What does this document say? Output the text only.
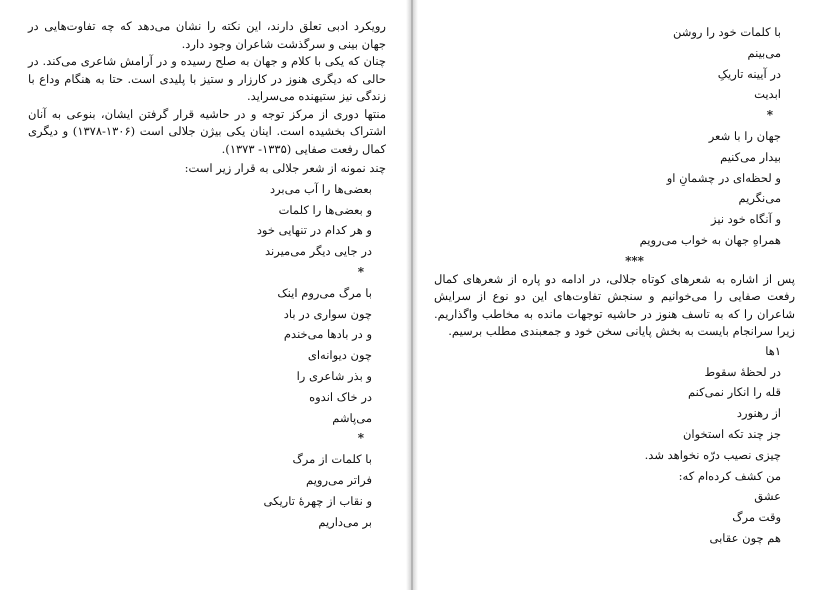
رویکرد ادبی تعلق دارند، این نکته را نشان می‌دهد که چه تفاوت‌هایی در جهان بینی و سرگذشت شاعران وجود دارد.

چنان که یکی با کلام و جهان به صلح رسیده و در آرامش شاعری می‌کند. در حالی که دیگری هنوز در کارزار و ستیز با پلیدی است. حتا به هنگام وداع با زندگی نیز ستیهنده می‌سراید.

منتها دوری از مرکز توجه و در حاشیه قرار گرفتن ایشان، بنوعی به آنان اشتراک بخشیده است. اینان یکی بیژن جلالی است (۱۳۰۶-۱۳۷۸) و دیگری کمال رفعت صفایی (۱۳۳۵- ۱۳۷۳).

چند نمونه از شعر جلالی به قرار زیر است:
بعضی‌ها را آب می‌برد
و بعضی‌ها را کلمات
و هر کدام در تنهایی خود
در جایی دیگر می‌میرند
*
با مرگ می‌روم اینک
چون سواری در باد
و در بادها می‌خندم
چون دیوانه‌ای
و بذر شاعری را
در خاک اندوه
می‌پاشم
*
با کلمات از مرگ
فراتر می‌رویم
و نقاب از چهرهٔ تاریکی
بر می‌داریم
با کلمات خود را روشن
می‌بینم
در آیینه تاریکِ
ابدیت
*
جهان را با شعر
بیدار می‌کنیم
و لحظه‌ای در چشمانِ او
می‌نگریم
و آنگاه خود نیز
همراهِ جهان به خواب می‌رویم
***

پس از اشاره به شعرهای کوتاه جلالی، در ادامه دو پاره از شعرهای کمال رفعت صفایی را می‌خوانیم و سنجش تفاوت‌های این دو نوع از سرایش شاعران را که به تاسف هنوز در حاشیه توجهات مانده به مخاطب وا‌گذاریم. زیرا سرانجام بایست به بخش پایانی سخن خود و جمعبندی مطلب برسیم.

۱ها
در لحظهٔ سقوط
قله را انکار نمی‌کنم
از رهنورد
جز چند تکه استخوان
چیزی نصیب درّه نخواهد شد.
من کشف کرده‌ام که:
عشق
وقت مرگ
هم چون عقابی
